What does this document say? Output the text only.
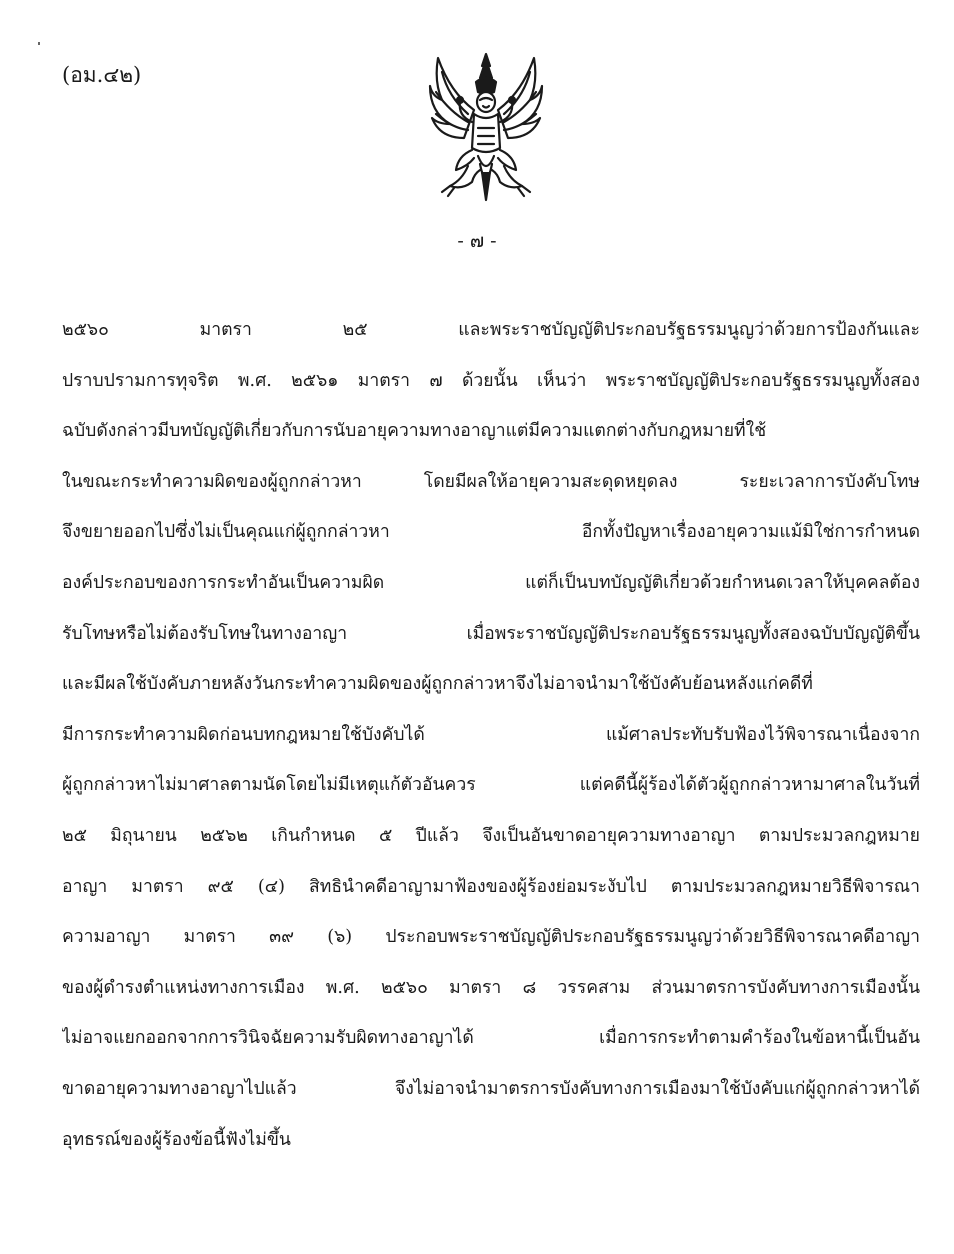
(อม.๔๒)
- ๗ -
๒๕๖๐ มาตรา ๒๕ และพระราชบัญญัติประกอบรัฐธรรมนูญว่าด้วยการป้องกันและ
ปราบปรามการทุจริต พ.ศ. ๒๕๖๑ มาตรา ๗ ด้วยนั้น เห็นว่า พระราชบัญญัติประกอบรัฐธรรมนูญทั้งสอง
ฉบับดังกล่าวมีบทบัญญัติเกี่ยวกับการนับอายุความทางอาญาแต่มีความแตกต่างกับกฎหมายที่ใช้
ในขณะกระทำความผิดของผู้ถูกกล่าวหา โดยมีผลให้อายุความสะดุดหยุดลง ระยะเวลาการบังคับโทษ
จึงขยายออกไปซึ่งไม่เป็นคุณแก่ผู้ถูกกล่าวหา อีกทั้งปัญหาเรื่องอายุความแม้มิใช่การกำหนด
องค์ประกอบของการกระทำอันเป็นความผิด แต่ก็เป็นบทบัญญัติเกี่ยวด้วยกำหนดเวลาให้บุคคลต้อง
รับโทษหรือไม่ต้องรับโทษในทางอาญา เมื่อพระราชบัญญัติประกอบรัฐธรรมนูญทั้งสองฉบับบัญญัติขึ้น
และมีผลใช้บังคับภายหลังวันกระทำความผิดของผู้ถูกกล่าวหาจึงไม่อาจนำมาใช้บังคับย้อนหลังแก่คดีที่
มีการกระทำความผิดก่อนบทกฎหมายใช้บังคับได้ แม้ศาลประทับรับฟ้องไว้พิจารณาเนื่องจาก
ผู้ถูกกล่าวหาไม่มาศาลตามนัดโดยไม่มีเหตุแก้ตัวอันควร แต่คดีนี้ผู้ร้องได้ตัวผู้ถูกกล่าวหามาศาลในวันที่
๒๕ มิถุนายน ๒๕๖๒ เกินกำหนด ๕ ปีแล้ว จึงเป็นอันขาดอายุความทางอาญา ตามประมวลกฎหมาย
อาญา มาตรา ๙๕ (๔) สิทธินำคดีอาญามาฟ้องของผู้ร้องย่อมระงับไป ตามประมวลกฎหมายวิธีพิจารณา
ความอาญา มาตรา ๓๙ (๖) ประกอบพระราชบัญญัติประกอบรัฐธรรมนูญว่าด้วยวิธีพิจารณาคดีอาญา
ของผู้ดำรงตำแหน่งทางการเมือง พ.ศ. ๒๕๖๐ มาตรา ๘ วรรคสาม ส่วนมาตรการบังคับทางการเมืองนั้น
ไม่อาจแยกออกจากการวินิจฉัยความรับผิดทางอาญาได้ เมื่อการกระทำตามคำร้องในข้อหานี้เป็นอัน
ขาดอายุความทางอาญาไปแล้ว จึงไม่อาจนำมาตรการบังคับทางการเมืองมาใช้บังคับแก่ผู้ถูกกล่าวหาได้
อุทธรณ์ของผู้ร้องข้อนี้ฟังไม่ขึ้น
